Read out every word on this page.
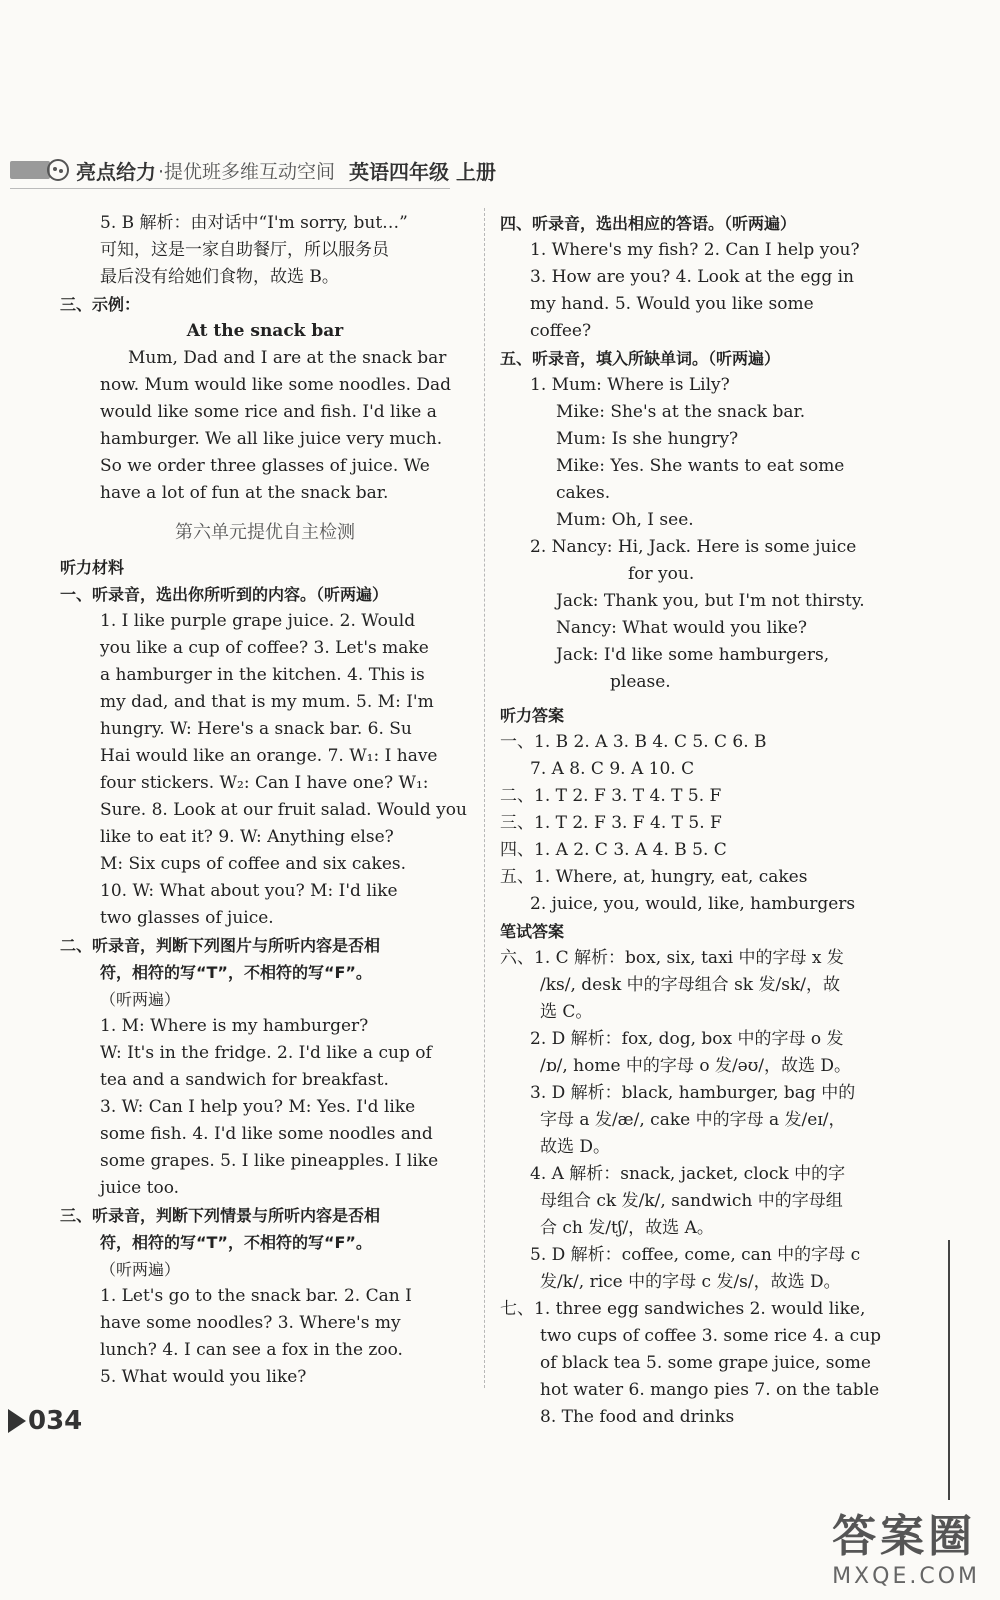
亮点给力 ·提优班多维互动空间 英语四年级 上册
5. B 解析：由对话中“I'm sorry, but…”
可知，这是一家自助餐厅，所以服务员
最后没有给她们食物，故选 B。
三、示例：
At the snack bar
Mum, Dad and I are at the snack bar
now. Mum would like some noodles. Dad
would like some rice and fish. I'd like a
hamburger. We all like juice very much.
So we order three glasses of juice. We
have a lot of fun at the snack bar.
第六单元提优自主检测
听力材料
一、听录音，选出你所听到的内容。（听两遍）
1. I like purple grape juice. 2. Would
you like a cup of coffee? 3. Let's make
a hamburger in the kitchen. 4. This is
my dad, and that is my mum. 5. M: I'm
hungry. W: Here's a snack bar. 6. Su
Hai would like an orange. 7. W₁: I have
four stickers. W₂: Can I have one? W₁:
Sure. 8. Look at our fruit salad. Would you
like to eat it? 9. W: Anything else?
M: Six cups of coffee and six cakes.
10. W: What about you? M: I'd like
two glasses of juice.
二、听录音，判断下列图片与所听内容是否相
符，相符的写“T”，不相符的写“F”。
（听两遍）
1. M: Where is my hamburger?
W: It's in the fridge. 2. I'd like a cup of
tea and a sandwich for breakfast.
3. W: Can I help you? M: Yes. I'd like
some fish. 4. I'd like some noodles and
some grapes. 5. I like pineapples. I like
juice too.
三、听录音，判断下列情景与所听内容是否相
符，相符的写“T”，不相符的写“F”。
（听两遍）
1. Let's go to the snack bar. 2. Can I
have some noodles? 3. Where's my
lunch? 4. I can see a fox in the zoo.
5. What would you like?
四、听录音，选出相应的答语。（听两遍）
1. Where's my fish? 2. Can I help you?
3. How are you? 4. Look at the egg in
my hand. 5. Would you like some
coffee?
五、听录音，填入所缺单词。（听两遍）
1. Mum: Where is Lily?
Mike: She's at the snack bar.
Mum: Is she hungry?
Mike: Yes. She wants to eat some cakes.
Mum: Oh, I see.
2. Nancy: Hi, Jack. Here is some juice
for you.
Jack: Thank you, but I'm not thirsty.
Nancy: What would you like?
Jack: I'd like some hamburgers,
please.
听力答案
一、1. B 2. A 3. B 4. C 5. C 6. B
7. A 8. C 9. A 10. C
二、1. T 2. F 3. T 4. T 5. F
三、1. T 2. F 3. F 4. T 5. F
四、1. A 2. C 3. A 4. B 5. C
五、1. Where, at, hungry, eat, cakes
2. juice, you, would, like, hamburgers
笔试答案
六、1. C 解析：box, six, taxi 中的字母 x 发
/ks/, desk 中的字母组合 sk 发/sk/，故
选 C。
2. D 解析：fox, dog, box 中的字母 o 发
/ɒ/, home 中的字母 o 发/əʊ/，故选 D。
3. D 解析：black, hamburger, bag 中的
字母 a 发/æ/, cake 中的字母 a 发/eɪ/，
故选 D。
4. A 解析：snack, jacket, clock 中的字
母组合 ck 发/k/, sandwich 中的字母组
合 ch 发/tʃ/，故选 A。
5. D 解析：coffee, come, can 中的字母 c
发/k/, rice 中的字母 c 发/s/，故选 D。
七、1. three egg sandwiches 2. would like,
two cups of coffee 3. some rice 4. a cup
of black tea 5. some grape juice, some
hot water 6. mango pies 7. on the table
8. The food and drinks
034
答案圈
MXQE.COM
